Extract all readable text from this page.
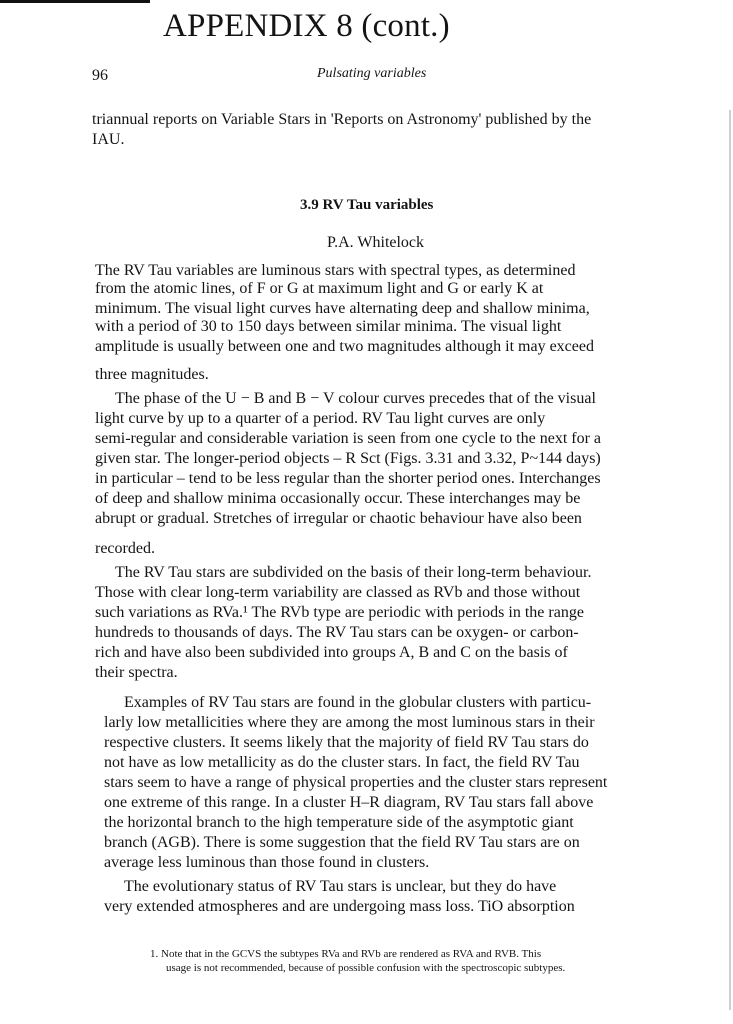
APPENDIX 8 (cont.)
96	Pulsating variables
triannual reports on Variable Stars in 'Reports on Astronomy' published by the
IAU.
3.9 RV Tau variables
P.A. Whitelock
The RV Tau variables are luminous stars with spectral types, as determined
from the atomic lines, of F or G at maximum light and G or early K at
minimum. The visual light curves have alternating deep and shallow minima,
with a period of 30 to 150 days between similar minima. The visual light
amplitude is usually between one and two magnitudes although it may exceed
three magnitudes.
The phase of the U − B and B − V colour curves precedes that of the visual
light curve by up to a quarter of a period. RV Tau light curves are only
semi-regular and considerable variation is seen from one cycle to the next for a
given star. The longer-period objects – R Sct (Figs. 3.31 and 3.32, P~144 days)
in particular – tend to be less regular than the shorter period ones. Interchanges
of deep and shallow minima occasionally occur. These interchanges may be
abrupt or gradual. Stretches of irregular or chaotic behaviour have also been
recorded.
The RV Tau stars are subdivided on the basis of their long-term behaviour.
Those with clear long-term variability are classed as RVb and those without
such variations as RVa.¹ The RVb type are periodic with periods in the range
hundreds to thousands of days. The RV Tau stars can be oxygen- or carbon-
rich and have also been subdivided into groups A, B and C on the basis of
their spectra.
Examples of RV Tau stars are found in the globular clusters with particu-
larly low metallicities where they are among the most luminous stars in their
respective clusters. It seems likely that the majority of field RV Tau stars do
not have as low metallicity as do the cluster stars. In fact, the field RV Tau
stars seem to have a range of physical properties and the cluster stars represent
one extreme of this range. In a cluster H–R diagram, RV Tau stars fall above
the horizontal branch to the high temperature side of the asymptotic giant
branch (AGB). There is some suggestion that the field RV Tau stars are on
average less luminous than those found in clusters.
The evolutionary status of RV Tau stars is unclear, but they do have
very extended atmospheres and are undergoing mass loss. TiO absorption
1. Note that in the GCVS the subtypes RVa and RVb are rendered as RVA and RVB. This
usage is not recommended, because of possible confusion with the spectroscopic subtypes.
